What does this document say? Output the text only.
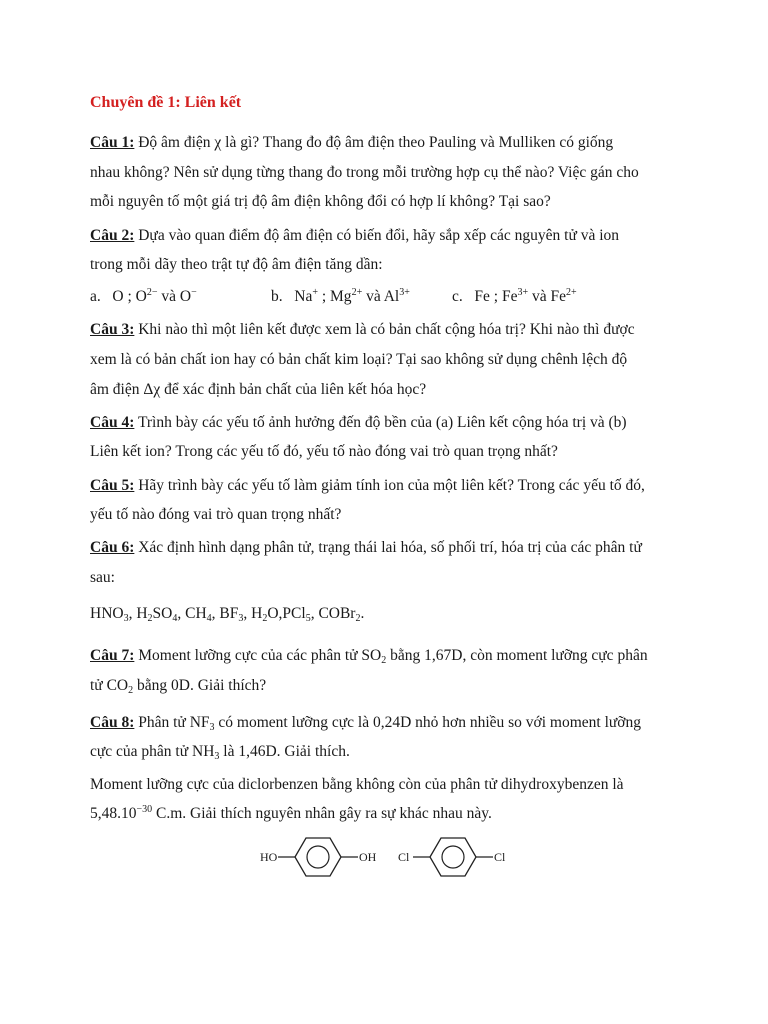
Chuyên đề 1: Liên kết
Câu 1: Độ âm điện χ là gì? Thang đo độ âm điện theo Pauling và Mulliken có giống
nhau không? Nên sử dụng từng thang đo trong mỗi trường hợp cụ thể nào? Việc gán cho
mỗi nguyên tố một giá trị độ âm điện không đổi có hợp lí không? Tại sao?
Câu 2: Dựa vào quan điểm độ âm điện có biến đổi, hãy sắp xếp các nguyên tử và ion
trong mỗi dãy theo trật tự độ âm điện tăng dần:
a. O ; $O^{2-}$ và O−	b. Na+ ; $Mg^{2+}$ và $Al^{3+}$	c. Fe ; $Fe^{3+}$ và $Fe^{2+}$
Câu 3: Khi nào thì một liên kết được xem là có bản chất cộng hóa trị? Khi nào thì được
xem là có bản chất ion hay có bản chất kim loại? Tại sao không sử dụng chênh lệch độ
âm điện Δχ để xác định bản chất của liên kết hóa học?
Câu 4: Trình bày các yếu tố ảnh hưởng đến độ bền của (a) Liên kết cộng hóa trị và (b)
Liên kết ion? Trong các yếu tố đó, yếu tố nào đóng vai trò quan trọng nhất?
Câu 5: Hãy trình bày các yếu tố làm giảm tính ion của một liên kết? Trong các yếu tố đó,
yếu tố nào đóng vai trò quan trọng nhất?
Câu 6: Xác định hình dạng phân tử, trạng thái lai hóa, số phối trí, hóa trị của các phân tử
sau:
$HNO_3$, $H_2SO_4$, $CH_4$, $BF_3$, $H_2O,PCl_5$, COBr$_2$.
Câu 7: Moment lưỡng cực của các phân tử $SO_2$ bằng 1,67D, còn moment lưỡng cực phân
tử $CO_2$ bằng 0D. Giải thích?
Câu 8: Phân tử $NF_3$ có moment lưỡng cực là 0,24D nhỏ hơn nhiều so với moment lưỡng
cực của phân tử $NH_3$ là 1,46D. Giải thích.
Moment lưỡng cực của diclorbenzen bằng không còn của phân tử dihydroxybenzen là
$5,48.10^{-30}$ C.m. Giải thích nguyên nhân gây ra sự khác nhau này.
HO	OH Cl	Cl
